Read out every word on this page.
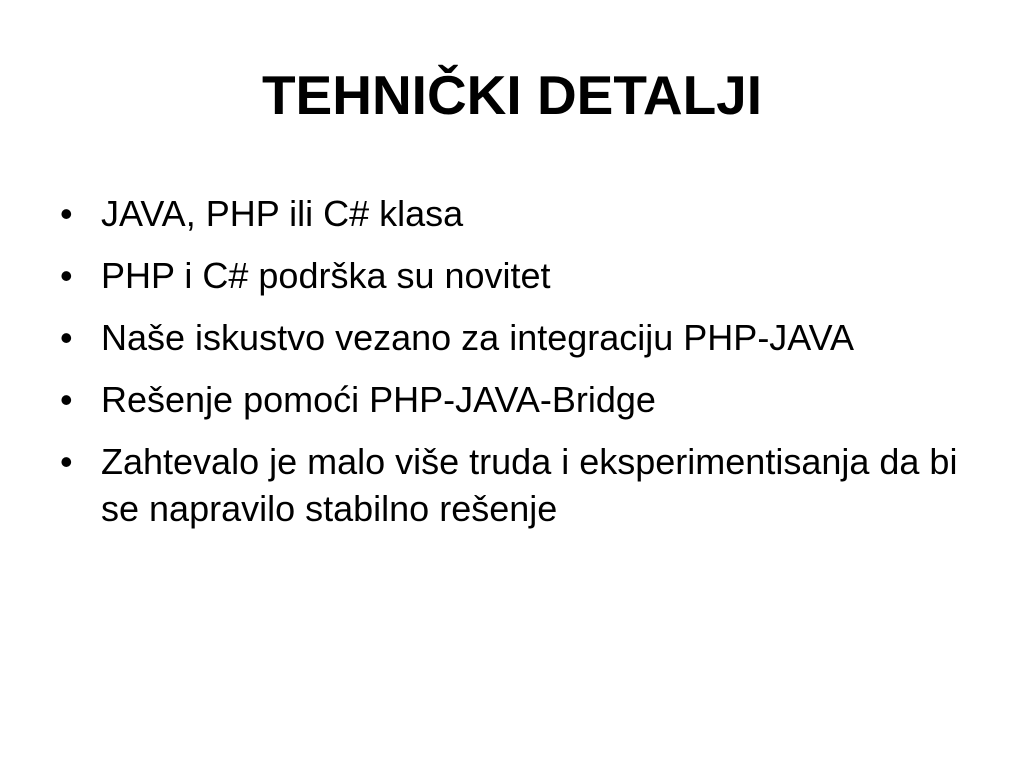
TEHNIČKI DETALJI
• JAVA, PHP ili C# klasa
• PHP i C# podrška su novitet
• Naše iskustvo vezano za integraciju PHP-JAVA
• Rešenje pomoći PHP-JAVA-Bridge
• Zahtevalo je malo više truda i eksperimentisanja da bi se napravilo stabilno rešenje
